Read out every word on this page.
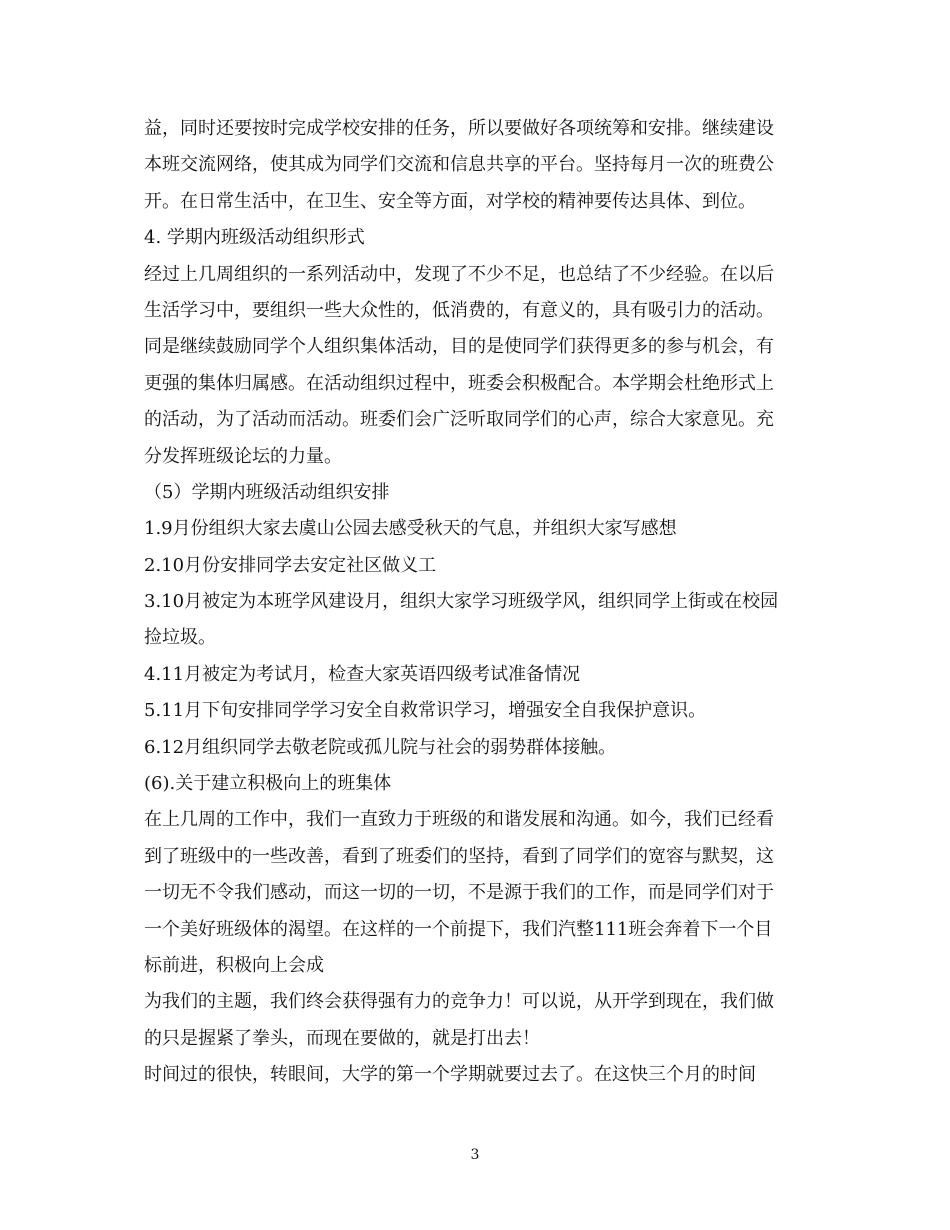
益，同时还要按时完成学校安排的任务，所以要做好各项统筹和安排。继续建设
本班交流网络，使其成为同学们交流和信息共享的平台。坚持每月一次的班费公
开。在日常生活中，在卫生、安全等方面，对学校的精神要传达具体、到位。
4. 学期内班级活动组织形式
经过上几周组织的一系列活动中，发现了不少不足，也总结了不少经验。在以后
生活学习中，要组织一些大众性的，低消费的，有意义的，具有吸引力的活动。
同是继续鼓励同学个人组织集体活动，目的是使同学们获得更多的参与机会，有
更强的集体归属感。在活动组织过程中，班委会积极配合。本学期会杜绝形式上
的活动，为了活动而活动。班委们会广泛听取同学们的心声，综合大家意见。充
分发挥班级论坛的力量。
（5）学期内班级活动组织安排
1.9月份组织大家去虞山公园去感受秋天的气息，并组织大家写感想
2.10月份安排同学去安定社区做义工
3.10月被定为本班学风建设月，组织大家学习班级学风，组织同学上街或在校园
捡垃圾。
4.11月被定为考试月，检查大家英语四级考试准备情况
5.11月下旬安排同学学习安全自救常识学习，增强安全自我保护意识。
6.12月组织同学去敬老院或孤儿院与社会的弱势群体接触。
(6).关于建立积极向上的班集体
在上几周的工作中，我们一直致力于班级的和谐发展和沟通。如今，我们已经看
到了班级中的一些改善，看到了班委们的坚持，看到了同学们的宽容与默契，这
一切无不令我们感动，而这一切的一切，不是源于我们的工作，而是同学们对于
一个美好班级体的渴望。在这样的一个前提下，我们汽整111班会奔着下一个目
标前进，积极向上会成
为我们的主题，我们终会获得强有力的竞争力！可以说，从开学到现在，我们做
的只是握紧了拳头，而现在要做的，就是打出去！
时间过的很快，转眼间，大学的第一个学期就要过去了。在这快三个月的时间
3
